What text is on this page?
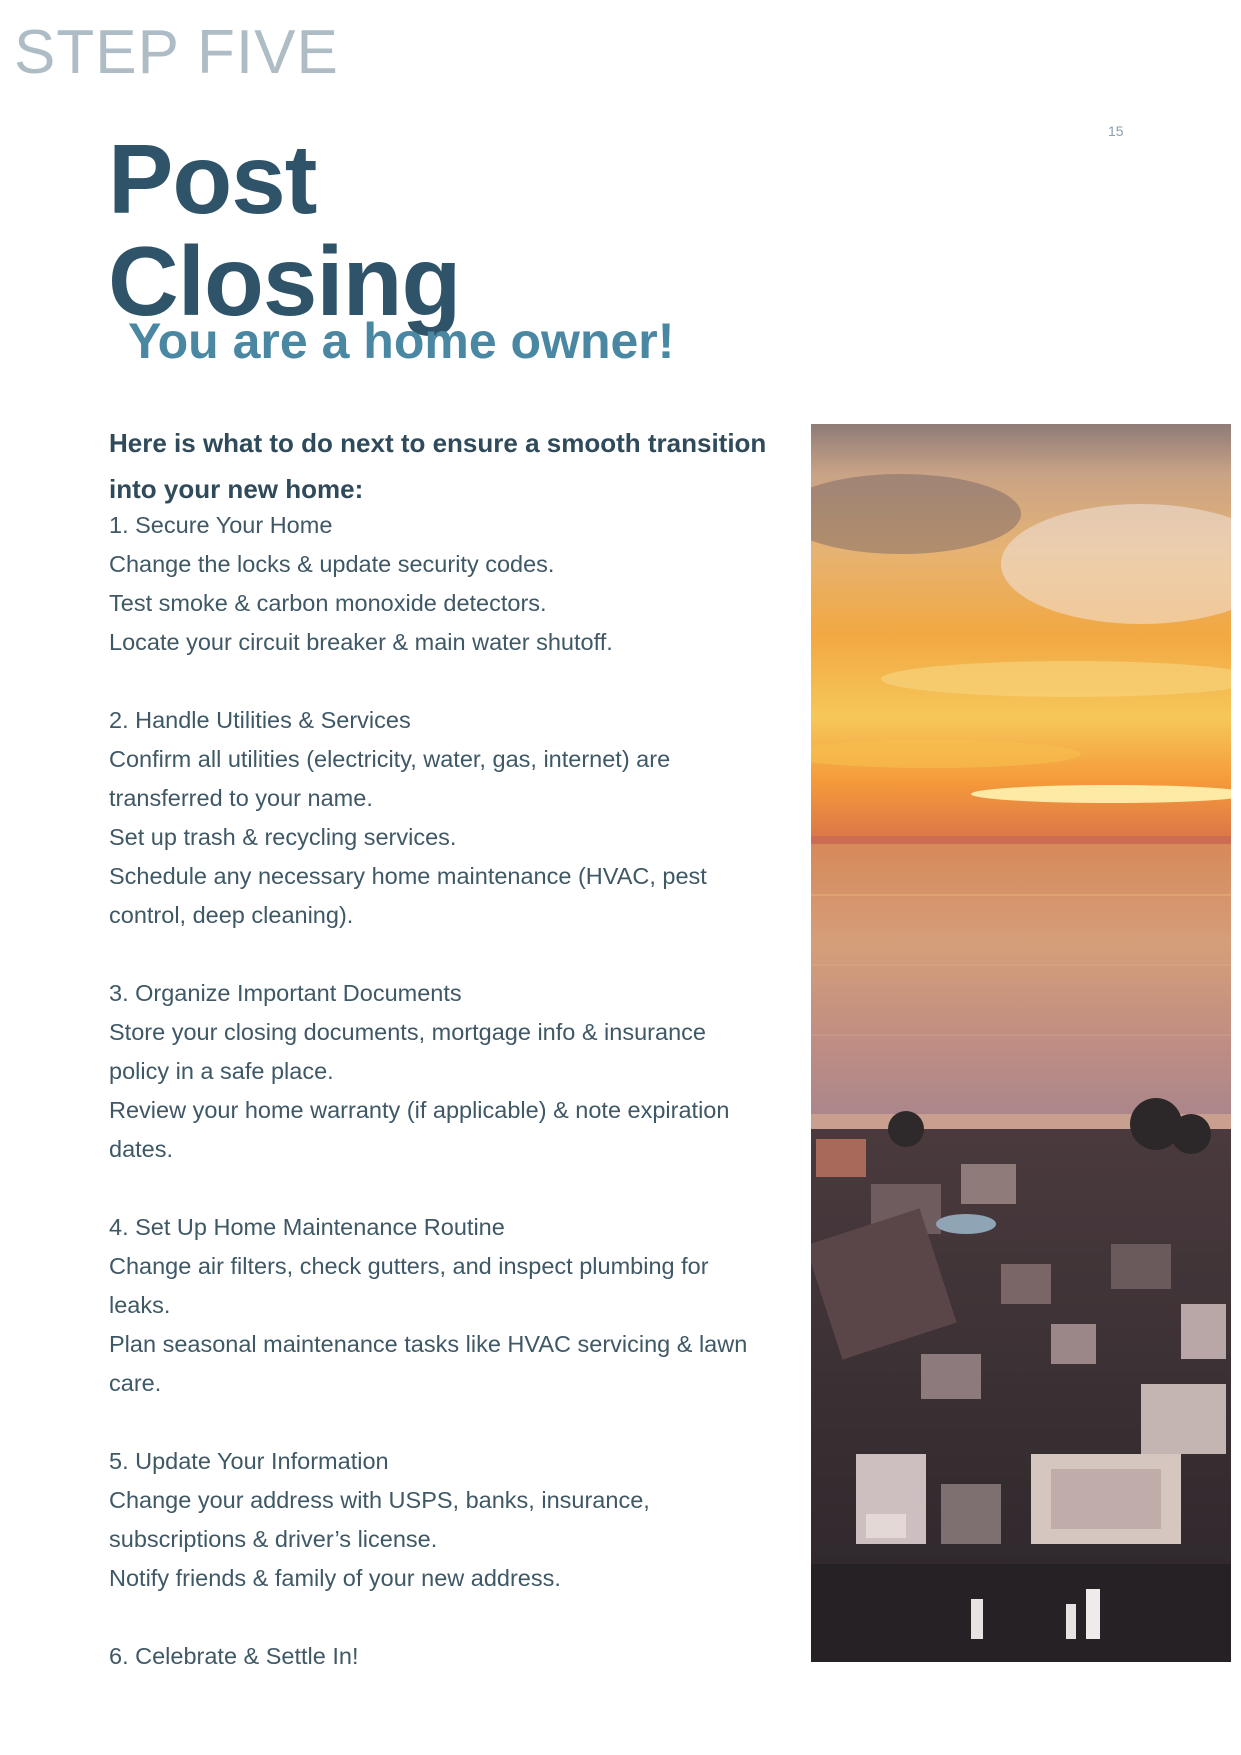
STEP FIVE
15
Post
Closing
You are a home owner!

Here is what to do next to ensure a smooth transition into your new home:

1. Secure Your Home

Change the locks & update security codes.

Test smoke & carbon monoxide detectors.

Locate your circuit breaker & main water shutoff.

2. Handle Utilities & Services

Confirm all utilities (electricity, water, gas, internet) are transferred to your name.

Set up trash & recycling services.

Schedule any necessary home maintenance (HVAC, pest control, deep cleaning).

3. Organize Important Documents

Store your closing documents, mortgage info & insurance policy in a safe place.

Review your home warranty (if applicable) & note expiration dates.

4. Set Up Home Maintenance Routine

Change air filters, check gutters, and inspect plumbing for leaks.

Plan seasonal maintenance tasks like HVAC servicing & lawn care.

5. Update Your Information

Change your address with USPS, banks, insurance, subscriptions & driver’s license.

Notify friends & family of your new address.

6. Celebrate & Settle In!
